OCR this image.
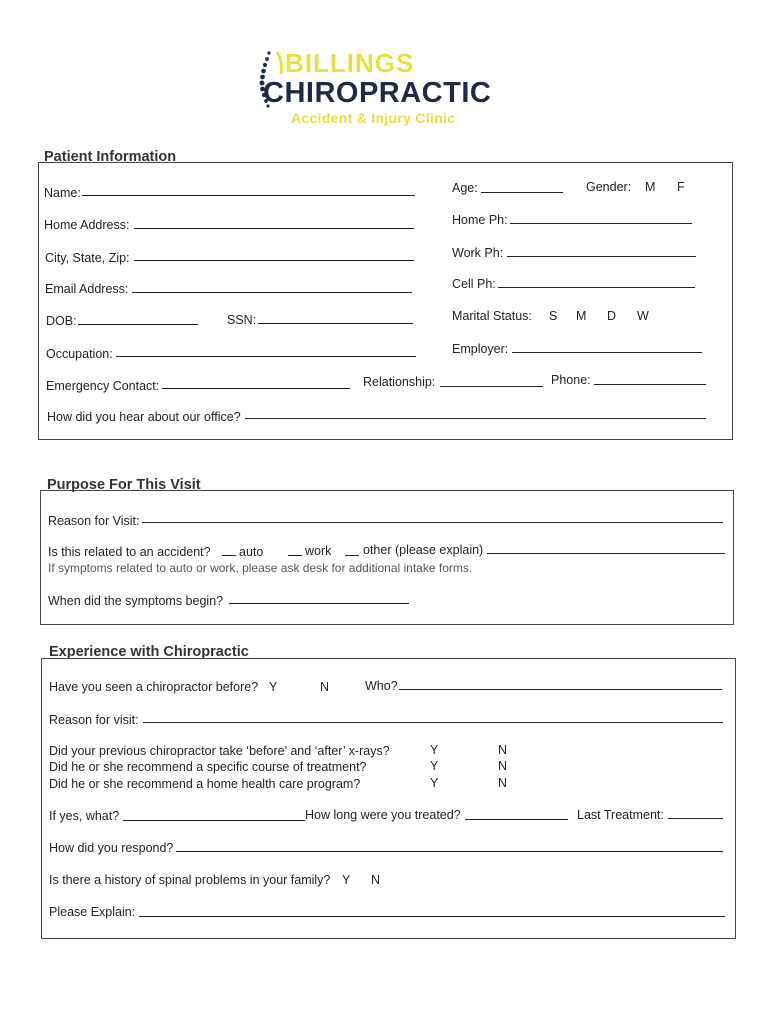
BILLINGS
CHIROPRACTIC
Accident & Injury Clinic
Patient Information
Name:	Age:	Gender: M F
Home Address:	Home Ph:
City, State, Zip:	Work Ph:
Email Address:	Cell Ph:
DOB:	SSN:	Marital Status: S M D W
Occupation:	Employer:
Emergency Contact:	Relationship:	Phone:
How did you hear about our office?
Purpose For This Visit
Reason for Visit:
Is this related to an accident? auto	work	other (please explain)
If symptoms related to auto or work, please ask desk for additional intake forms.
When did the symptoms begin?
Experience with Chiropractic
Have you seen a chiropractor before? Y	N	Who?
Reason for visit:
Did your previous chiropractor take ‘before’ and ‘after’ x-rays?	Y	N
Did he or she recommend a specific course of treatment?	Y	N
Did he or she recommend a home health care program?	Y	N
If yes, what?	How long were you treated?	Last Treatment:
How did you respond?
Is there a history of spinal problems in your family? Y N
Please Explain:
